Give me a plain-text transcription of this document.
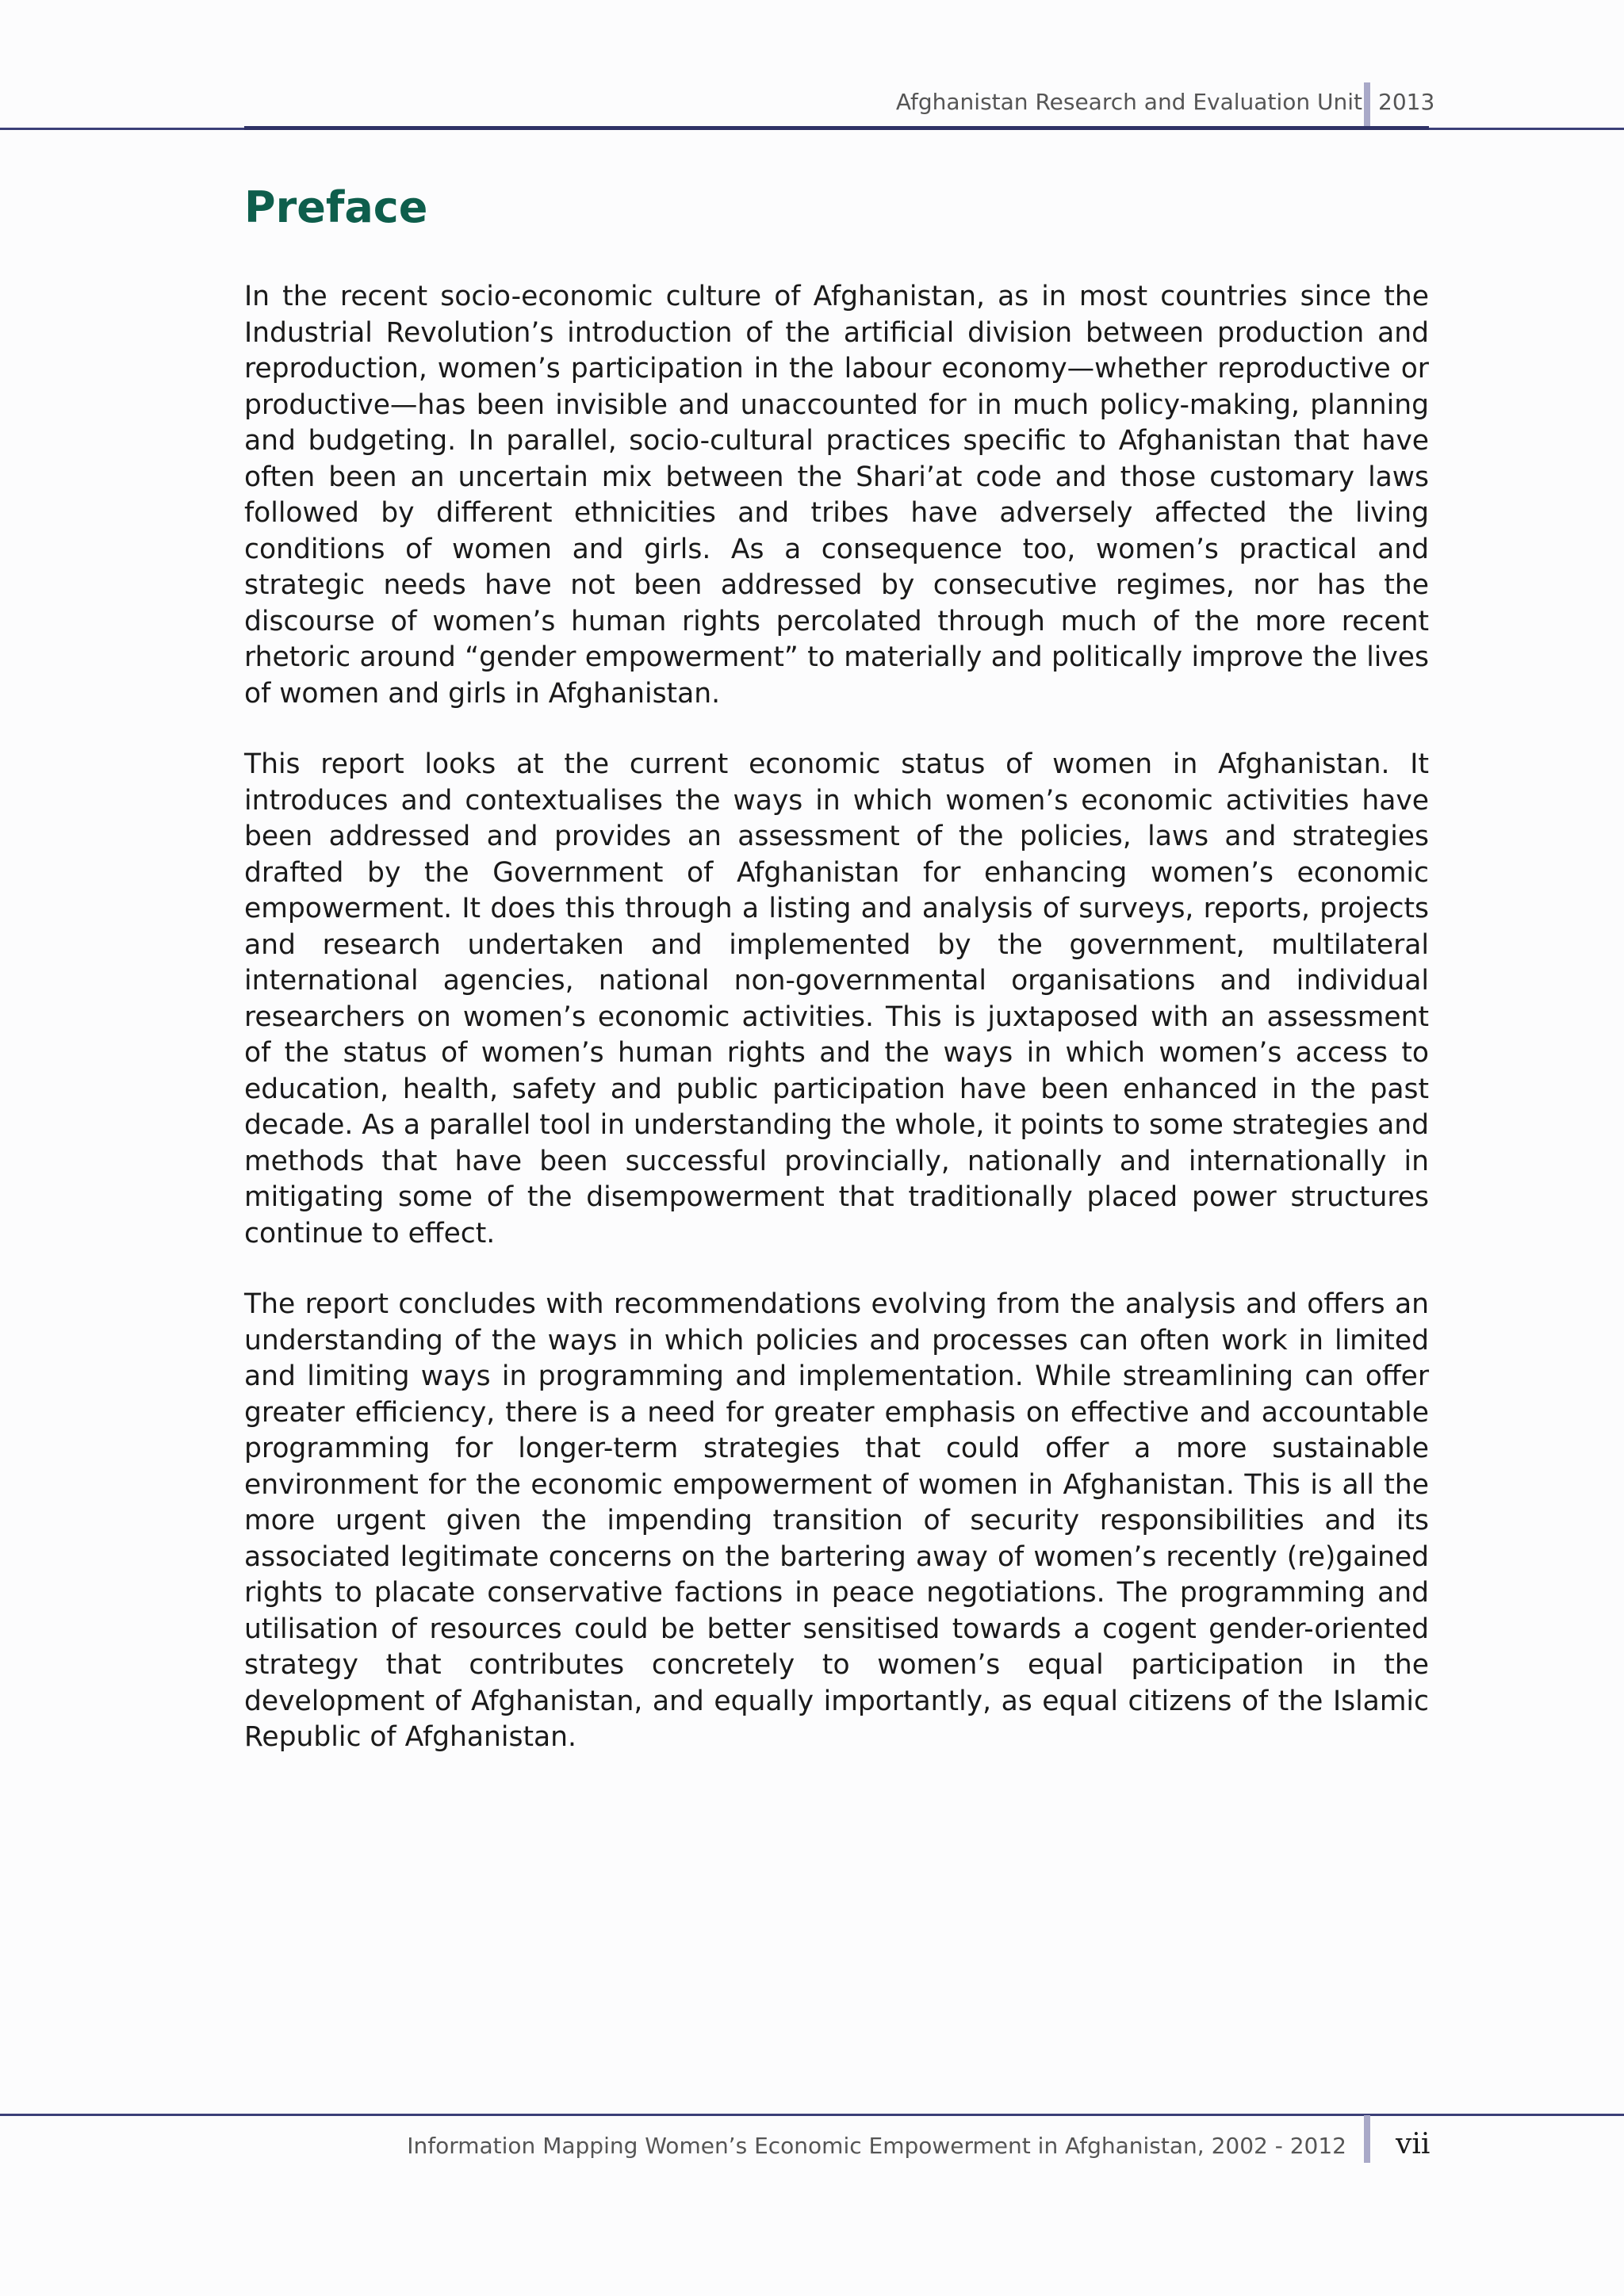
Afghanistan Research and Evaluation Unit 2013
Preface

In the recent socio-economic culture of Afghanistan, as in most countries since the Industrial Revolution’s introduction of the artificial division between production and reproduction, women’s participation in the labour economy—whether reproductive or productive—has been invisible and unaccounted for in much policy-making, planning and budgeting. In parallel, socio-cultural practices specific to Afghanistan that have often been an uncertain mix between the Shari’at code and those customary laws followed by different ethnicities and tribes have adversely affected the living conditions of women and girls. As a consequence too, women’s practical and strategic needs have not been addressed by consecutive regimes, nor has the discourse of women’s human rights percolated through much of the more recent rhetoric around “gender empowerment” to materially and politically improve the lives of women and girls in Afghanistan.

This report looks at the current economic status of women in Afghanistan. It introduces and contextualises the ways in which women’s economic activities have been addressed and provides an assessment of the policies, laws and strategies drafted by the Government of Afghanistan for enhancing women’s economic empowerment. It does this through a listing and analysis of surveys, reports, projects and research undertaken and implemented by the government, multilateral international agencies, national non-governmental organisations and individual researchers on women’s economic activities. This is juxtaposed with an assessment of the status of women’s human rights and the ways in which women’s access to education, health, safety and public participation have been enhanced in the past decade. As a parallel tool in understanding the whole, it points to some strategies and methods that have been successful provincially, nationally and internationally in mitigating some of the disempowerment that traditionally placed power structures continue to effect.

The report concludes with recommendations evolving from the analysis and offers an understanding of the ways in which policies and processes can often work in limited and limiting ways in programming and implementation. While streamlining can offer greater efficiency, there is a need for greater emphasis on effective and accountable programming for longer-term strategies that could offer a more sustainable environment for the economic empowerment of women in Afghanistan. This is all the more urgent given the impending transition of security responsibilities and its associated legitimate concerns on the bartering away of women’s recently (re)gained rights to placate conservative factions in peace negotiations. The programming and utilisation of resources could be better sensitised towards a cogent gender-oriented strategy that contributes concretely to women’s equal participation in the development of Afghanistan, and equally importantly, as equal citizens of the Islamic Republic of Afghanistan.

Information Mapping Women’s Economic Empowerment in Afghanistan, 2002 - 2012 vii
